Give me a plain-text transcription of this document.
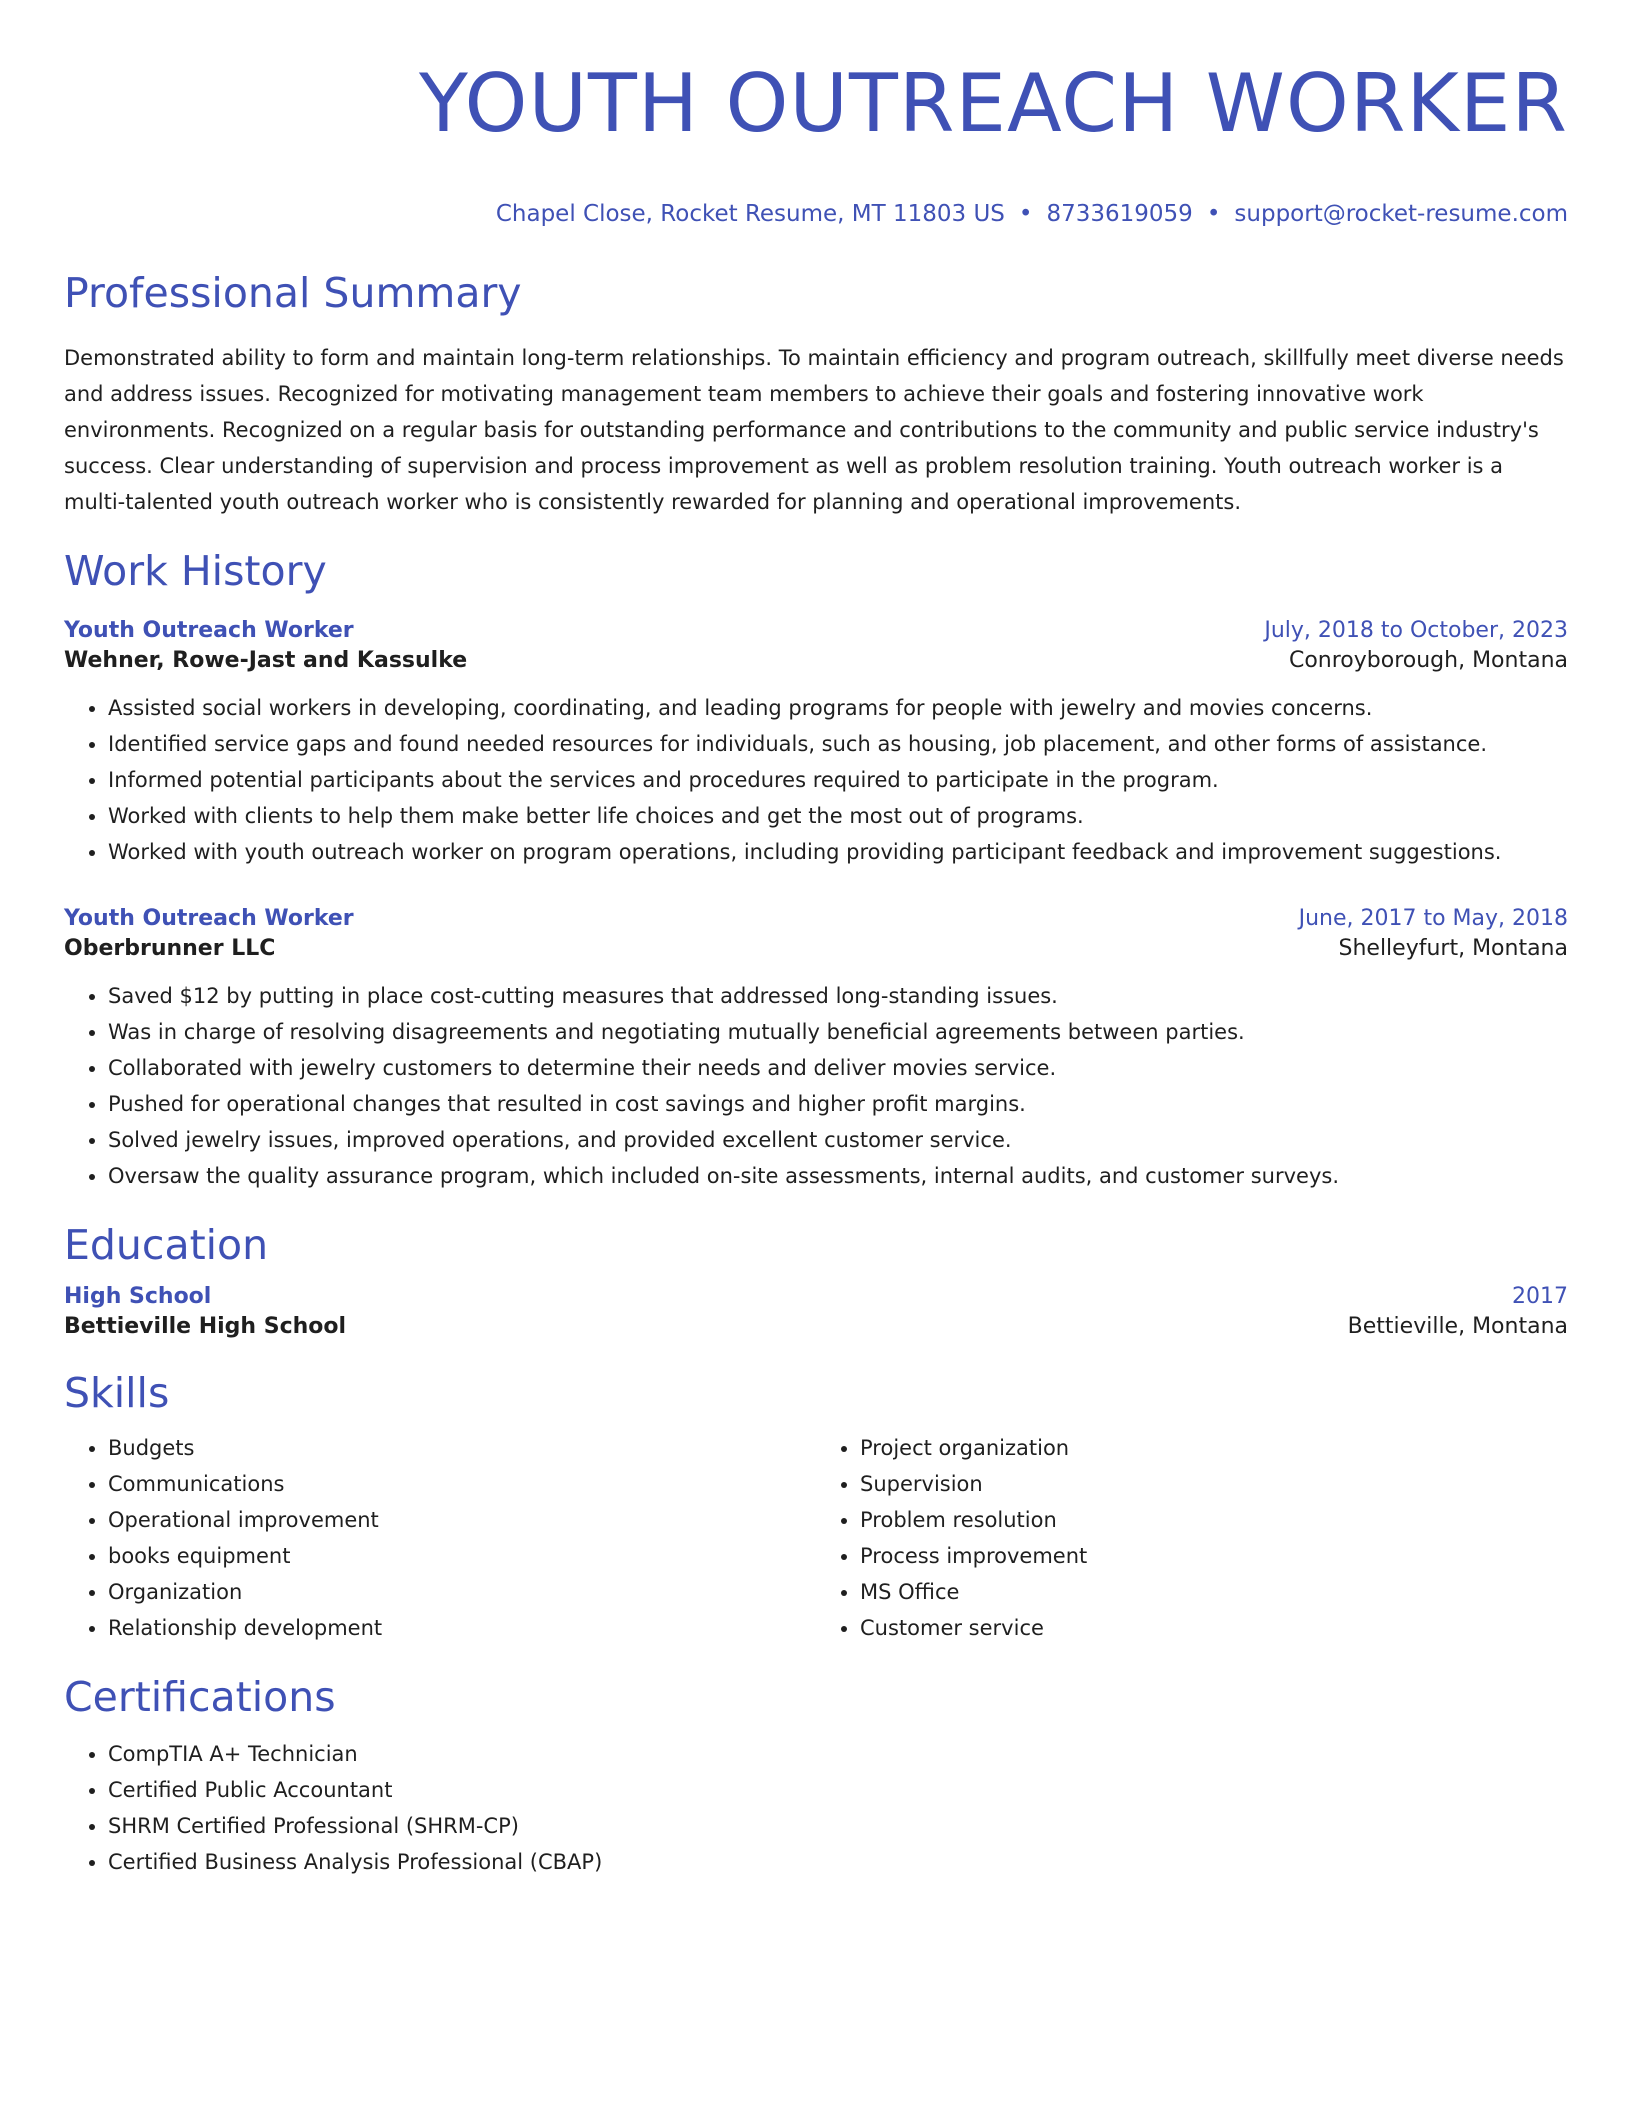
YOUTH OUTREACH WORKER
Chapel Close, Rocket Resume, MT 11803 US • 8733619059 • support@rocket-resume.com
Professional Summary
Demonstrated ability to form and maintain long-term relationships. To maintain efficiency and program outreach, skillfully meet diverse needs and address issues. Recognized for motivating management team members to achieve their goals and fostering innovative work environments. Recognized on a regular basis for outstanding performance and contributions to the community and public service industry's success. Clear understanding of supervision and process improvement as well as problem resolution training. Youth outreach worker is a multi-talented youth outreach worker who is consistently rewarded for planning and operational improvements.
Work History
Youth Outreach Worker	July, 2018 to October, 2023
Wehner, Rowe-Jast and Kassulke	Conroyborough, Montana
• Assisted social workers in developing, coordinating, and leading programs for people with jewelry and movies concerns.
• Identified service gaps and found needed resources for individuals, such as housing, job placement, and other forms of assistance.
• Informed potential participants about the services and procedures required to participate in the program.
• Worked with clients to help them make better life choices and get the most out of programs.
• Worked with youth outreach worker on program operations, including providing participant feedback and improvement suggestions.
Youth Outreach Worker	June, 2017 to May, 2018
Oberbrunner LLC	Shelleyfurt, Montana
• Saved $12 by putting in place cost-cutting measures that addressed long-standing issues.
• Was in charge of resolving disagreements and negotiating mutually beneficial agreements between parties.
• Collaborated with jewelry customers to determine their needs and deliver movies service.
• Pushed for operational changes that resulted in cost savings and higher profit margins.
• Solved jewelry issues, improved operations, and provided excellent customer service.
• Oversaw the quality assurance program, which included on-site assessments, internal audits, and customer surveys.
Education
High School	2017
Bettieville High School	Bettieville, Montana
Skills
• Budgets
• Communications
• Operational improvement
• books equipment
• Organization
• Relationship development
• Project organization
• Supervision
• Problem resolution
• Process improvement
• MS Office
• Customer service
Certifications
• CompTIA A+ Technician
• Certified Public Accountant
• SHRM Certified Professional (SHRM-CP)
• Certified Business Analysis Professional (CBAP)
